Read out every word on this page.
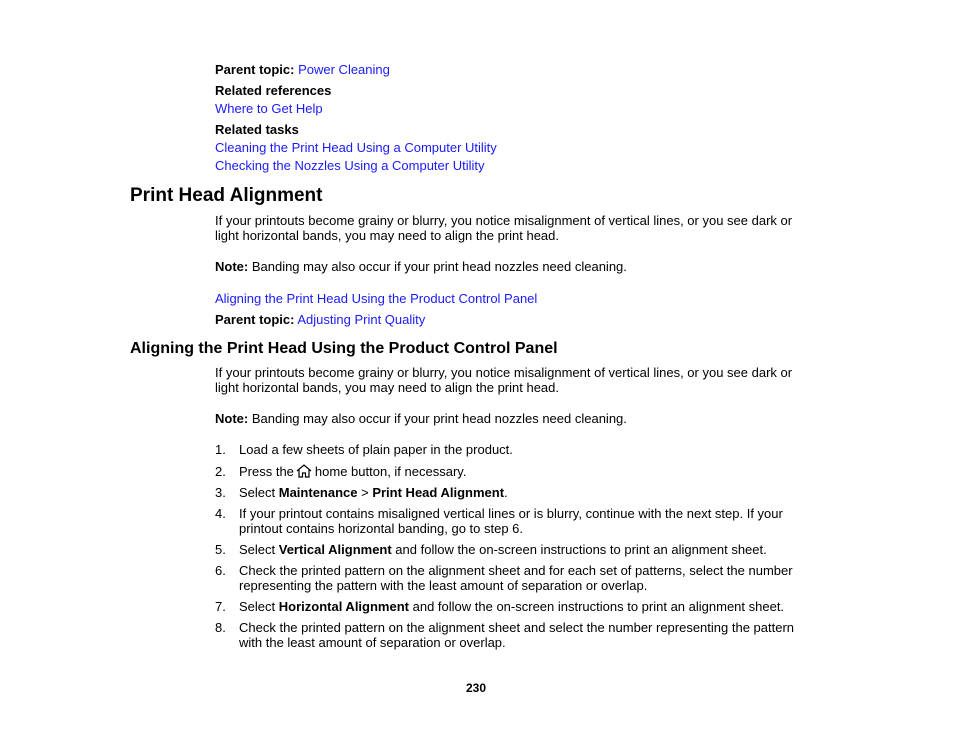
Parent topic: Power Cleaning
Related references
Where to Get Help
Related tasks
Cleaning the Print Head Using a Computer Utility
Checking the Nozzles Using a Computer Utility
Print Head Alignment
If your printouts become grainy or blurry, you notice misalignment of vertical lines, or you see dark or light horizontal bands, you may need to align the print head.
Note: Banding may also occur if your print head nozzles need cleaning.
Aligning the Print Head Using the Product Control Panel
Parent topic: Adjusting Print Quality
Aligning the Print Head Using the Product Control Panel
If your printouts become grainy or blurry, you notice misalignment of vertical lines, or you see dark or light horizontal bands, you may need to align the print head.
Note: Banding may also occur if your print head nozzles need cleaning.
1. Load a few sheets of plain paper in the product.
2. Press the home button, if necessary.
3. Select Maintenance > Print Head Alignment.
4. If your printout contains misaligned vertical lines or is blurry, continue with the next step. If your printout contains horizontal banding, go to step 6.
5. Select Vertical Alignment and follow the on-screen instructions to print an alignment sheet.
6. Check the printed pattern on the alignment sheet and for each set of patterns, select the number representing the pattern with the least amount of separation or overlap.
7. Select Horizontal Alignment and follow the on-screen instructions to print an alignment sheet.
8. Check the printed pattern on the alignment sheet and select the number representing the pattern with the least amount of separation or overlap.
230
